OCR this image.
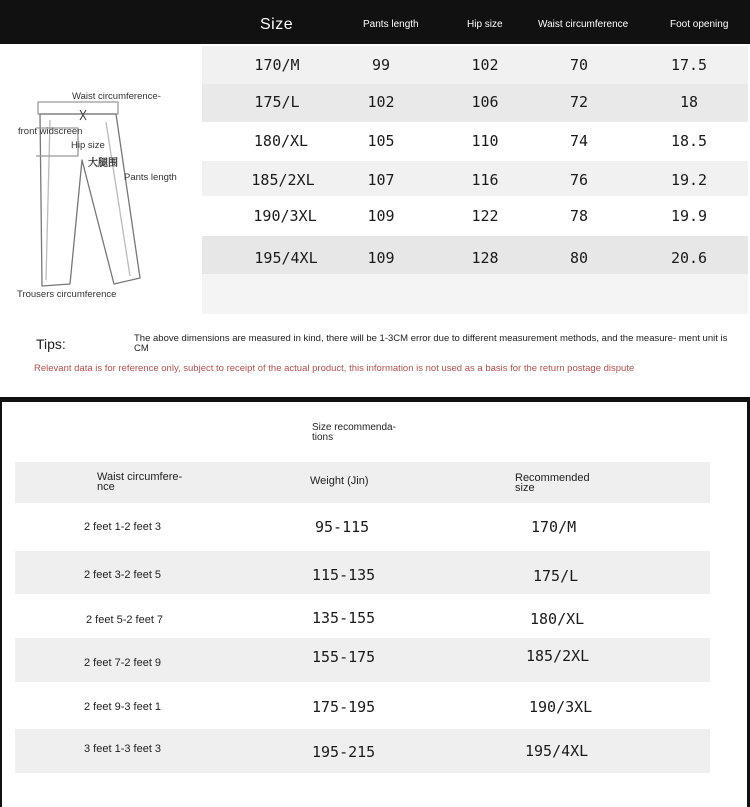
Size	Pants length	Hip size	Waist circumference	Foot opening
170/M	99	102	70	17.5
175/L	102	106	72	18
180/XL	105	110	74	18.5
185/2XL	107	116	76	19.2
190/3XL	109	122	78	19.9
195/4XL	109	128	80	20.6
Waist circumference-
front widscreen
Hip size
大腿围
Pants length
Trousers circumference
Tips:	The above dimensions are measured in kind, there will be 1-3CM error due to different measurement methods, and the measure- ment unit is CM

Relevant data is for reference only, subject to receipt of the actual product, this information is not used as a basis for the return postage dispute

Size recommenda- tions

Waist circumfere- nce	Weight (Jin)	Recommended size

2 feet 1-2 feet 3	95-115	170/M
2 feet 3-2 feet 5	115-135	175/L
2 feet 5-2 feet 7	135-155	180/XL
2 feet 7-2 feet 9	155-175	185/2XL
2 feet 9-3 feet 1	175-195	190/3XL
3 feet 1-3 feet 3	195-215	195/4XL
